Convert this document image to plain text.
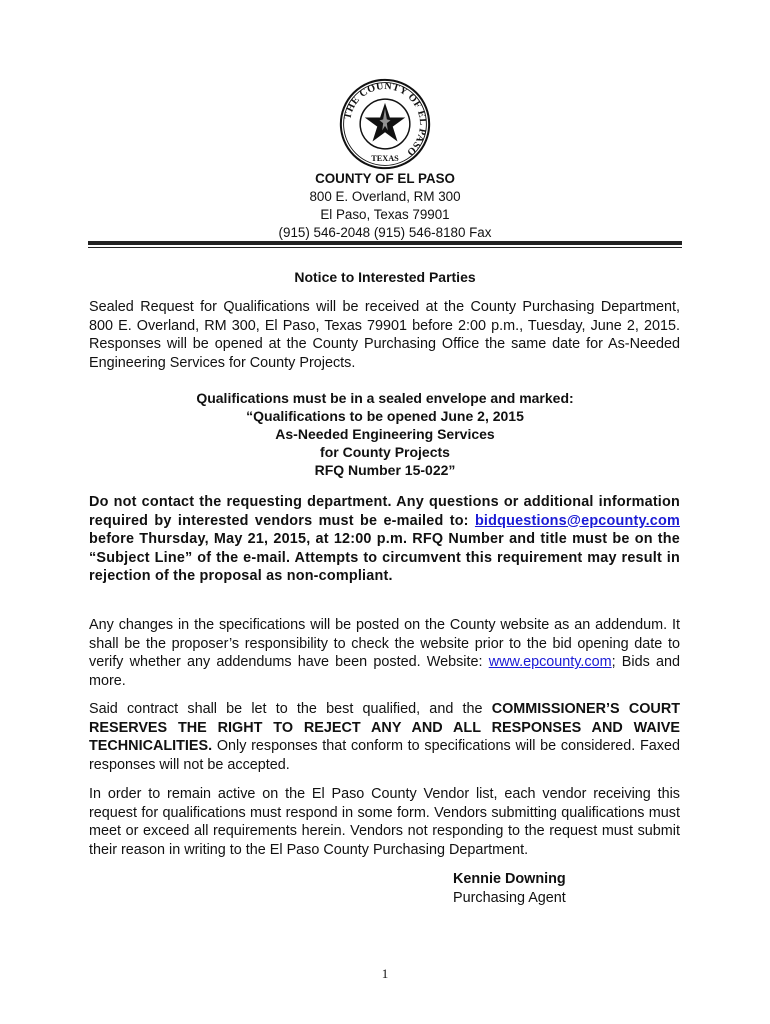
THE COUNTY OF EL PASO
TEXAS
COUNTY OF EL PASO
800 E. Overland, RM 300
El Paso, Texas 79901
(915) 546-2048 (915) 546-8180 Fax
Notice to Interested Parties
Sealed Request for Qualifications will be received at the County Purchasing Department, 800 E. Overland, RM 300, El Paso, Texas 79901 before 2:00 p.m., Tuesday, June 2, 2015. Responses will be opened at the County Purchasing Office the same date for As-Needed Engineering Services for County Projects.
Qualifications must be in a sealed envelope and marked:
“Qualifications to be opened June 2, 2015
As-Needed Engineering Services
for County Projects
RFQ Number 15-022”
Do not contact the requesting department. Any questions or additional information required by interested vendors must be e-mailed to: bidquestions@epcounty.com before Thursday, May 21, 2015, at 12:00 p.m. RFQ Number and title must be on the “Subject Line” of the e-mail. Attempts to circumvent this requirement may result in rejection of the proposal as non-compliant.
Any changes in the specifications will be posted on the County website as an addendum. It shall be the proposer’s responsibility to check the website prior to the bid opening date to verify whether any addendums have been posted. Website: www.epcounty.com; Bids and more.
Said contract shall be let to the best qualified, and the COMMISSIONER’S COURT RESERVES THE RIGHT TO REJECT ANY AND ALL RESPONSES AND WAIVE TECHNICALITIES. Only responses that conform to specifications will be considered. Faxed responses will not be accepted.
In order to remain active on the El Paso County Vendor list, each vendor receiving this request for qualifications must respond in some form. Vendors submitting qualifications must meet or exceed all requirements herein. Vendors not responding to the request must submit their reason in writing to the El Paso County Purchasing Department.
Kennie Downing
Purchasing Agent
1
